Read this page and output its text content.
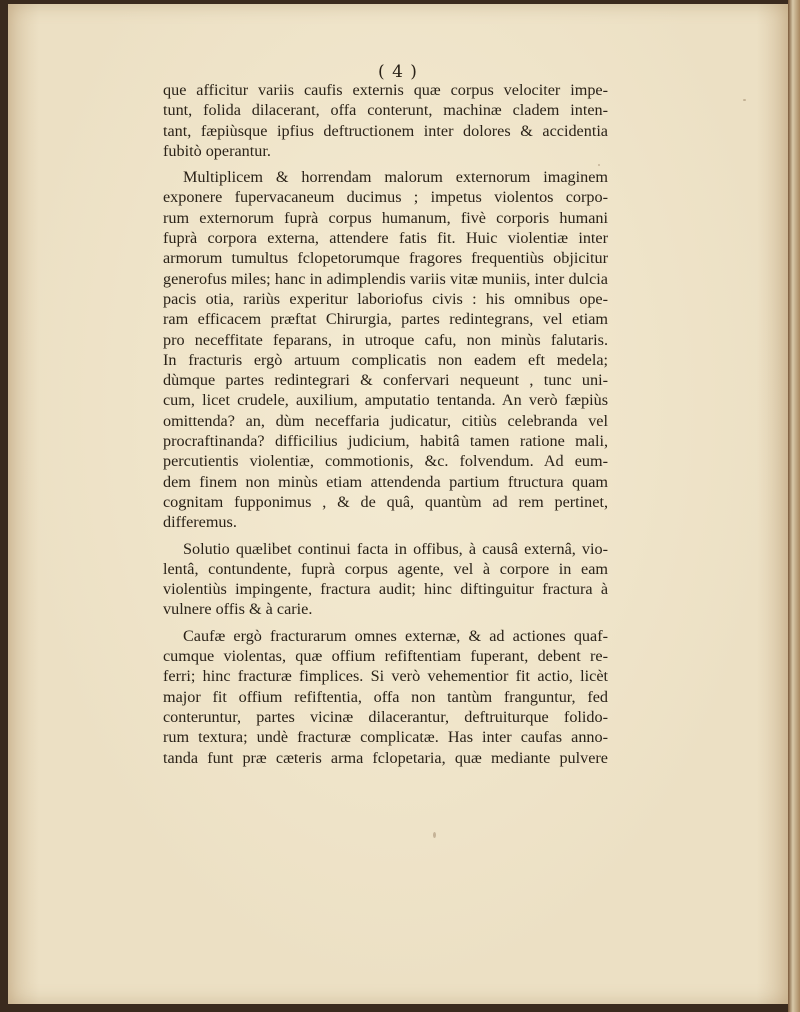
( 4 )
que afficitur variis caufis externis quæ corpus velociter impe-
tunt, folida dilacerant, offa conterunt, machinæ cladem inten-
tant, fæpiùsque ipfius deftructionem inter dolores & accidentia
fubitò operantur.
Multiplicem & horrendam malorum externorum imaginem
exponere fupervacaneum ducimus ; impetus violentos corpo-
rum externorum fuprà corpus humanum, fivè corporis humani
fuprà corpora externa, attendere fatis fit. Huic violentiæ inter
armorum tumultus fclopetorumque fragores frequentiùs objicitur
generofus miles; hanc in adimplendis variis vitæ muniis, inter dulcia
pacis otia, rariùs experitur laboriofus civis : his omnibus ope-
ram efficacem præftat Chirurgia, partes redintegrans, vel etiam
pro neceffitate feparans, in utroque cafu, non minùs falutaris.
In fracturis ergò artuum complicatis non eadem eft medela;
dùmque partes redintegrari & confervari nequeunt , tunc uni-
cum, licet crudele, auxilium, amputatio tentanda. An verò fæpiùs
omittenda? an, dùm neceffaria judicatur, citiùs celebranda vel
procraftinanda? difficilius judicium, habitâ tamen ratione mali,
percutientis violentiæ, commotionis, &c. folvendum. Ad eum-
dem finem non minùs etiam attendenda partium ftructura quam
cognitam fupponimus , & de quâ, quantùm ad rem pertinet,
differemus.
Solutio quælibet continui facta in offibus, à causâ externâ, vio-
lentâ, contundente, fuprà corpus agente, vel à corpore in eam
violentiùs impingente, fractura audit; hinc diftinguitur fractura à
vulnere offis & à carie.
Caufæ ergò fracturarum omnes externæ, & ad actiones quaf-
cumque violentas, quæ offium refiftentiam fuperant, debent re-
ferri; hinc fracturæ fimplices. Si verò vehementior fit actio, licèt
major fit offium refiftentia, offa non tantùm franguntur, fed
conteruntur, partes vicinæ dilacerantur, deftruiturque folido-
rum textura; undè fracturæ complicatæ. Has inter caufas anno-
tanda funt præ cæteris arma fclopetaria, quæ mediante pulvere
